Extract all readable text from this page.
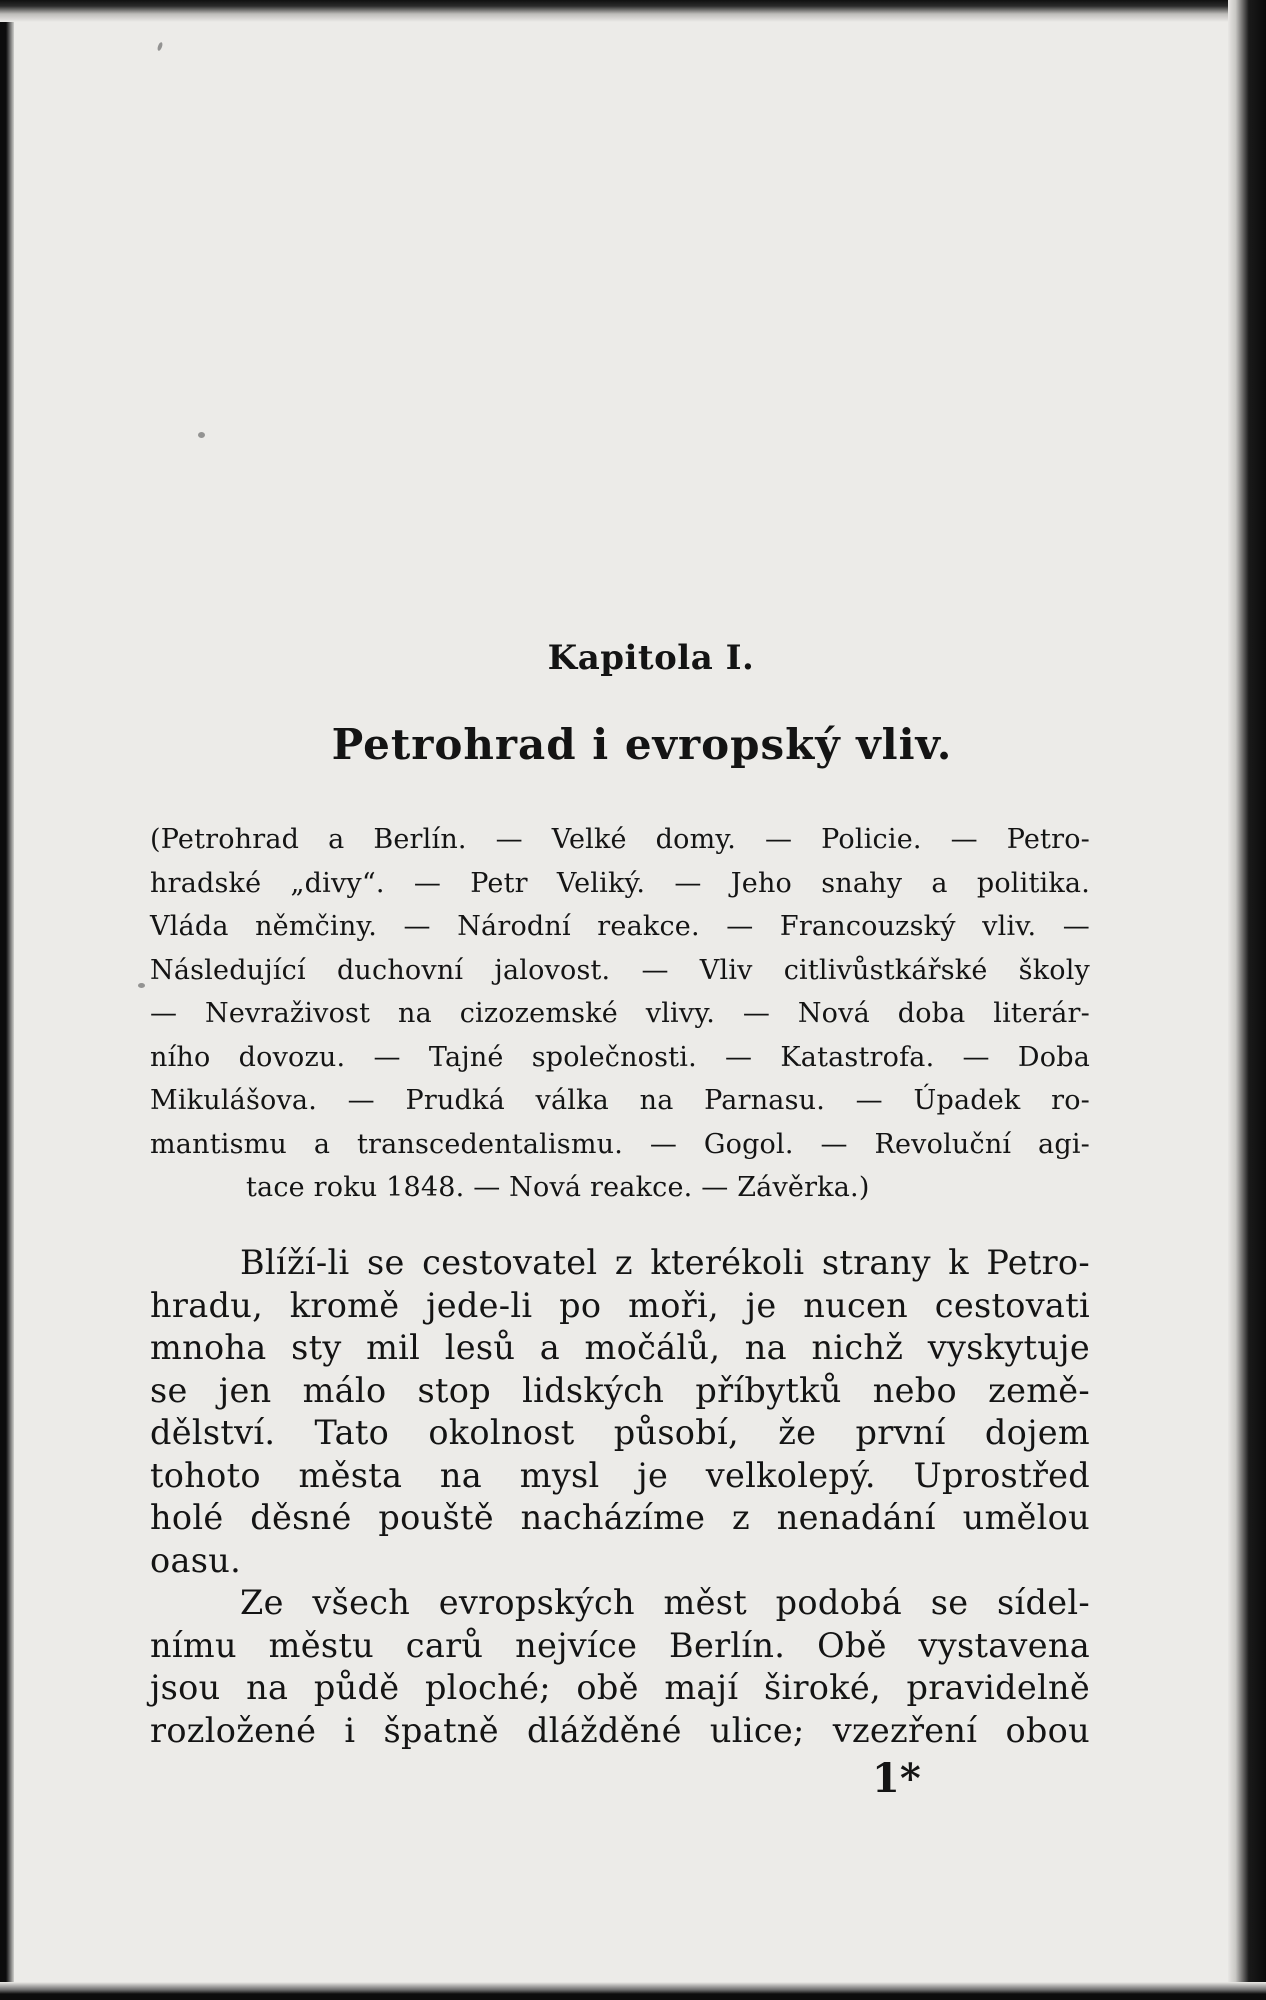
Kapitola I.
Petrohrad i evropský vliv.
(Petrohrad a Berlín. — Velké domy. — Policie. — Petro-
hradské „divy“. — Petr Veliký. — Jeho snahy a politika.
Vláda němčiny. — Národní reakce. — Francouzský vliv. —
Následující duchovní jalovost. — Vliv citlivůstkářské školy
— Nevraživost na cizozemské vlivy. — Nová doba literár-
ního dovozu. — Tajné společnosti. — Katastrofa. — Doba
Mikulášova. — Prudká válka na Parnasu. — Úpadek ro-
mantismu a transcedentalismu. — Gogol. — Revoluční agi-
tace roku 1848. — Nová reakce. — Závěrka.)
Blíží-li se cestovatel z kterékoli strany k Petro-
hradu, kromě jede-li po moři, je nucen cestovati
mnoha sty mil lesů a močálů, na nichž vyskytuje
se jen málo stop lidských příbytků nebo země-
dělství. Tato okolnost působí, že první dojem
tohoto města na mysl je velkolepý. Uprostřed
holé děsné pouště nacházíme z nenadání umělou
oasu.
Ze všech evropských měst podobá se sídel-
nímu městu carů nejvíce Berlín. Obě vystavena
jsou na půdě ploché; obě mají široké, pravidelně
rozložené i špatně dlážděné ulice; vzezření obou
1*
